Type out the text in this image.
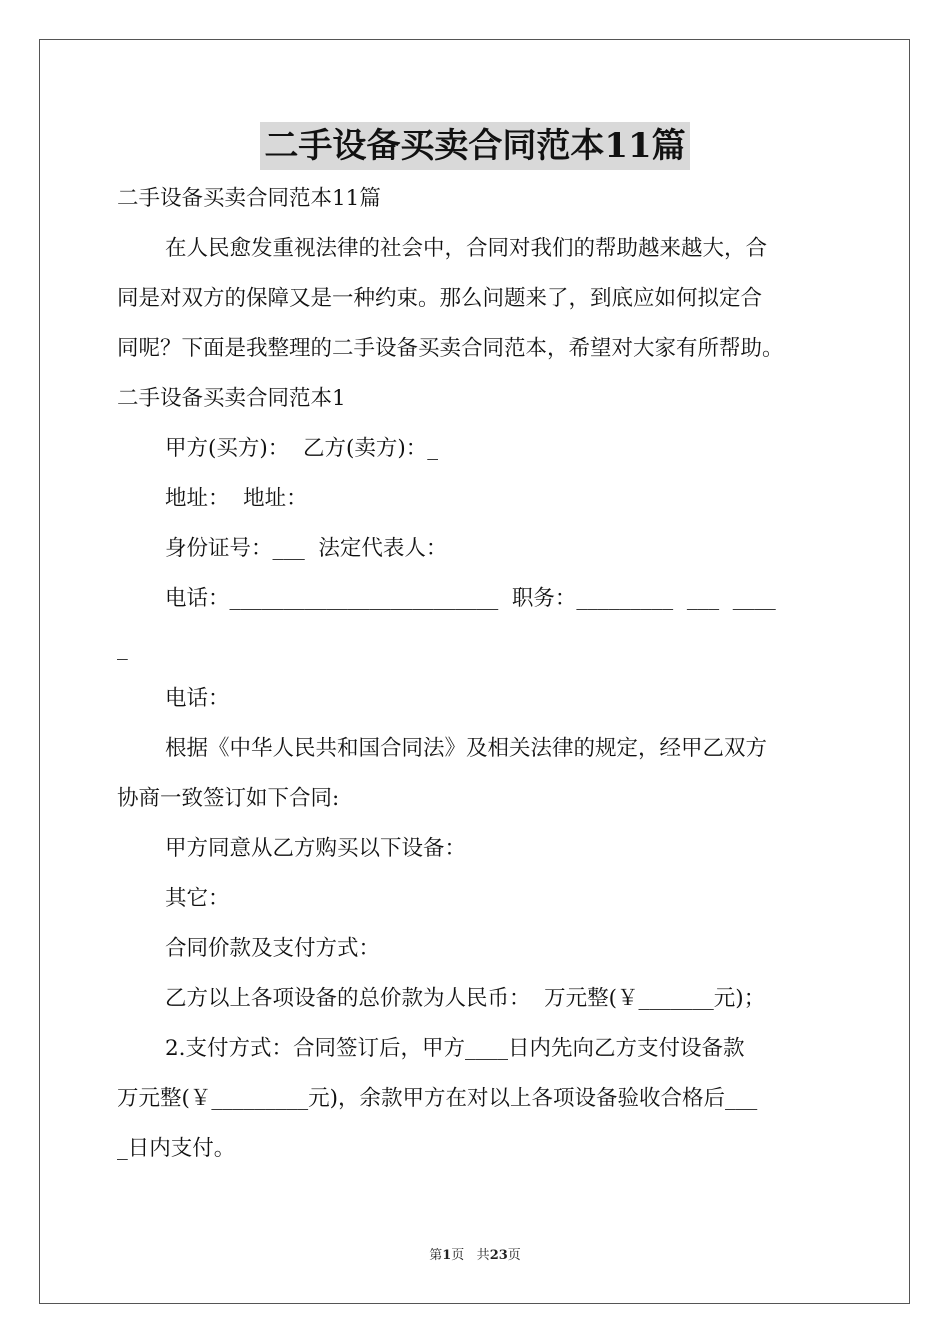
二手设备买卖合同范本11篇
二手设备买卖合同范本11篇
在人民愈发重视法律的社会中，合同对我们的帮助越来越大，合
同是对双方的保障又是一种约束。那么问题来了，到底应如何拟定合
同呢？下面是我整理的二手设备买卖合同范本，希望对大家有所帮助。
二手设备买卖合同范本1
甲方(买方)：  乙方(卖方)：_
地址：  地址：
身份证号：___  法定代表人：
电话：_________________________  职务：_________  ___  ____
_
电话：
根据《中华人民共和国合同法》及相关法律的规定，经甲乙双方
协商一致签订如下合同:
甲方同意从乙方购买以下设备：
其它：
合同价款及支付方式：
乙方以上各项设备的总价款为人民币：  万元整(￥_______元)；
2.支付方式：合同签订后，甲方____日内先向乙方支付设备款
万元整(￥_________元)，余款甲方在对以上各项设备验收合格后___
_日内支付。
第1页 共23页
